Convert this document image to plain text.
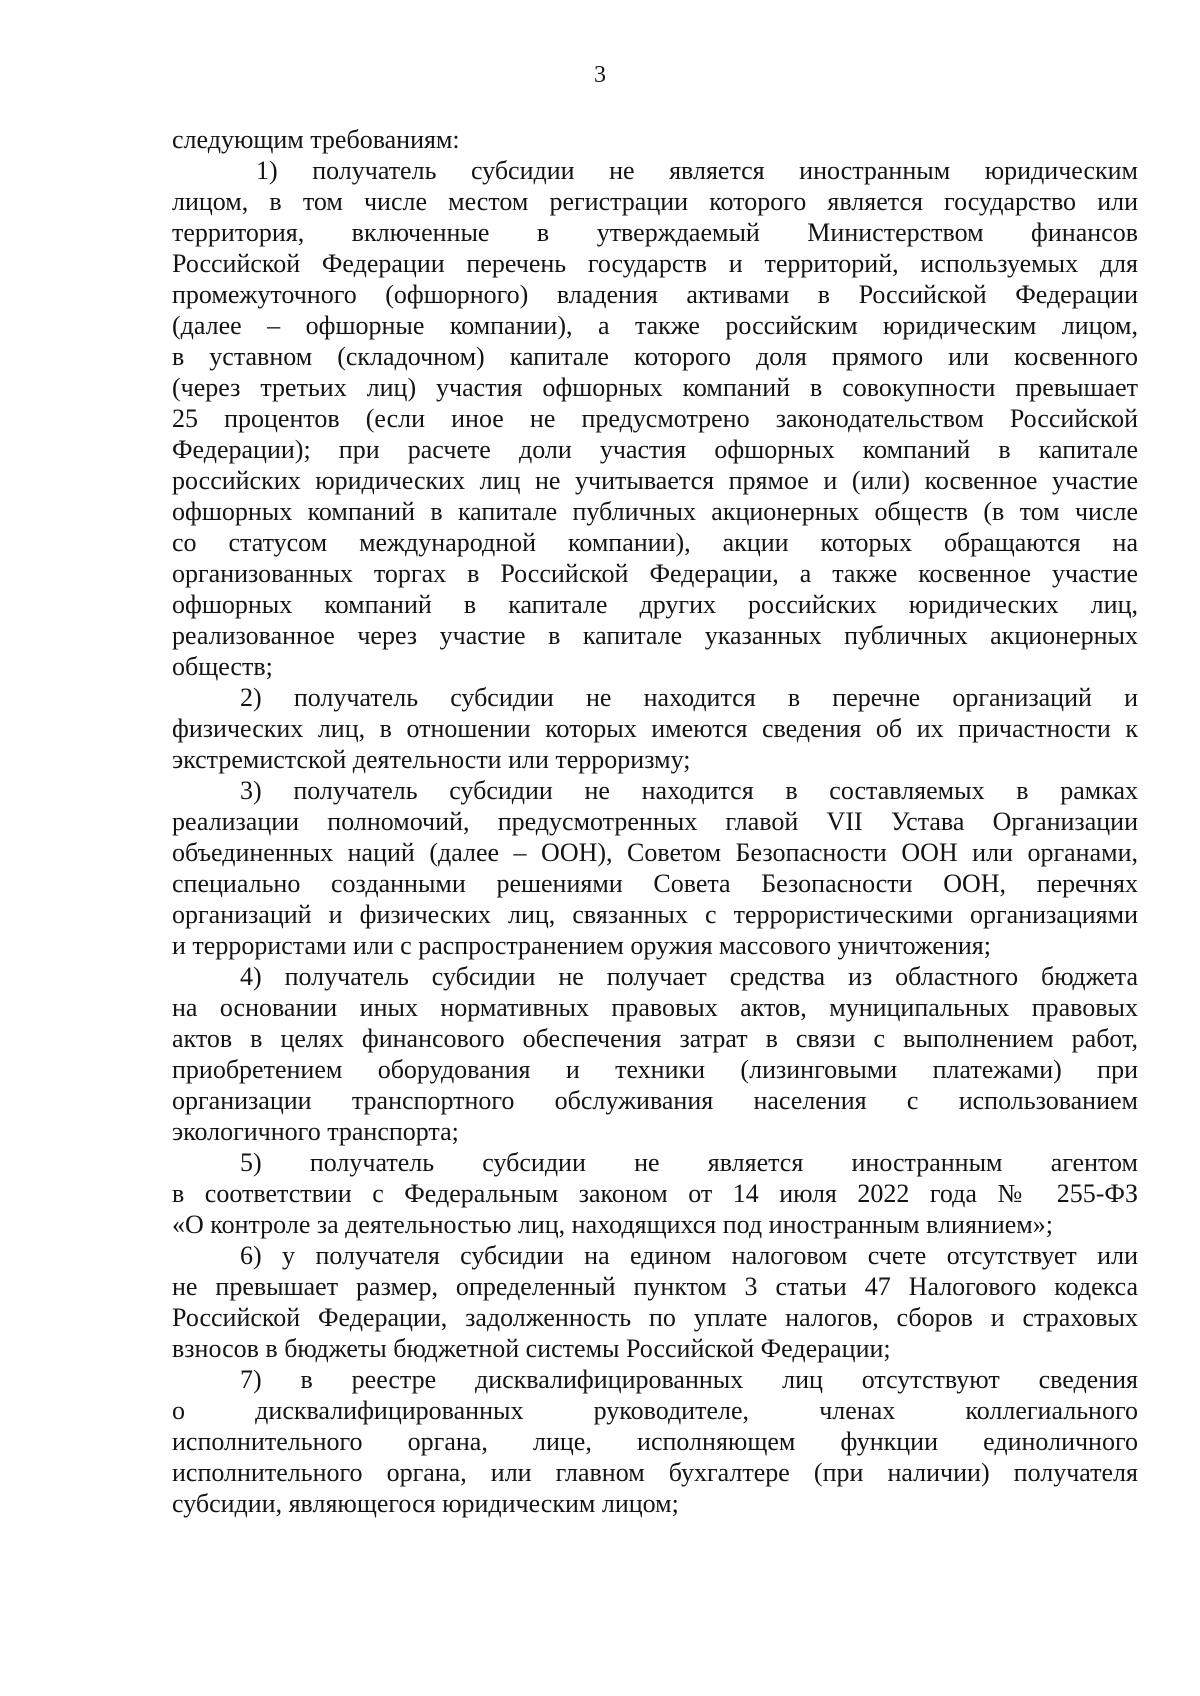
3
следующим требованиям:
1) получатель субсидии не является иностранным юридическим
лицом, в том числе местом регистрации которого является государство или
территория, включенные в утверждаемый Министерством финансов
Российской Федерации перечень государств и территорий, используемых для
промежуточного (офшорного) владения активами в Российской Федерации
(далее – офшорные компании), а также российским юридическим лицом,
в уставном (складочном) капитале которого доля прямого или косвенного
(через третьих лиц) участия офшорных компаний в совокупности превышает
25 процентов (если иное не предусмотрено законодательством Российской
Федерации); при расчете доли участия офшорных компаний в капитале
российских юридических лиц не учитывается прямое и (или) косвенное участие
офшорных компаний в капитале публичных акционерных обществ (в том числе
со статусом международной компании), акции которых обращаются на
организованных торгах в Российской Федерации, а также косвенное участие
офшорных компаний в капитале других российских юридических лиц,
реализованное через участие в капитале указанных публичных акционерных
обществ;
2) получатель субсидии не находится в перечне организаций и
физических лиц, в отношении которых имеются сведения об их причастности к
экстремистской деятельности или терроризму;
3) получатель субсидии не находится в составляемых в рамках
реализации полномочий, предусмотренных главой VII Устава Организации
объединенных наций (далее – ООН), Советом Безопасности ООН или органами,
специально созданными решениями Совета Безопасности ООН, перечнях
организаций и физических лиц, связанных с террористическими организациями
и террористами или с распространением оружия массового уничтожения;
4) получатель субсидии не получает средства из областного бюджета
на основании иных нормативных правовых актов, муниципальных правовых
актов в целях финансового обеспечения затрат в связи с выполнением работ,
приобретением оборудования и техники (лизинговыми платежами) при
организации транспортного обслуживания населения с использованием
экологичного транспорта;
5) получатель субсидии не является иностранным агентом
в соответствии с Федеральным законом от 14 июля 2022 года № 255-ФЗ
«О контроле за деятельностью лиц, находящихся под иностранным влиянием»;
6) у получателя субсидии на едином налоговом счете отсутствует или
не превышает размер, определенный пунктом 3 статьи 47 Налогового кодекса
Российской Федерации, задолженность по уплате налогов, сборов и страховых
взносов в бюджеты бюджетной системы Российской Федерации;
7) в реестре дисквалифицированных лиц отсутствуют сведения
о дисквалифицированных руководителе, членах коллегиального
исполнительного органа, лице, исполняющем функции единоличного
исполнительного органа, или главном бухгалтере (при наличии) получателя
субсидии, являющегося юридическим лицом;
